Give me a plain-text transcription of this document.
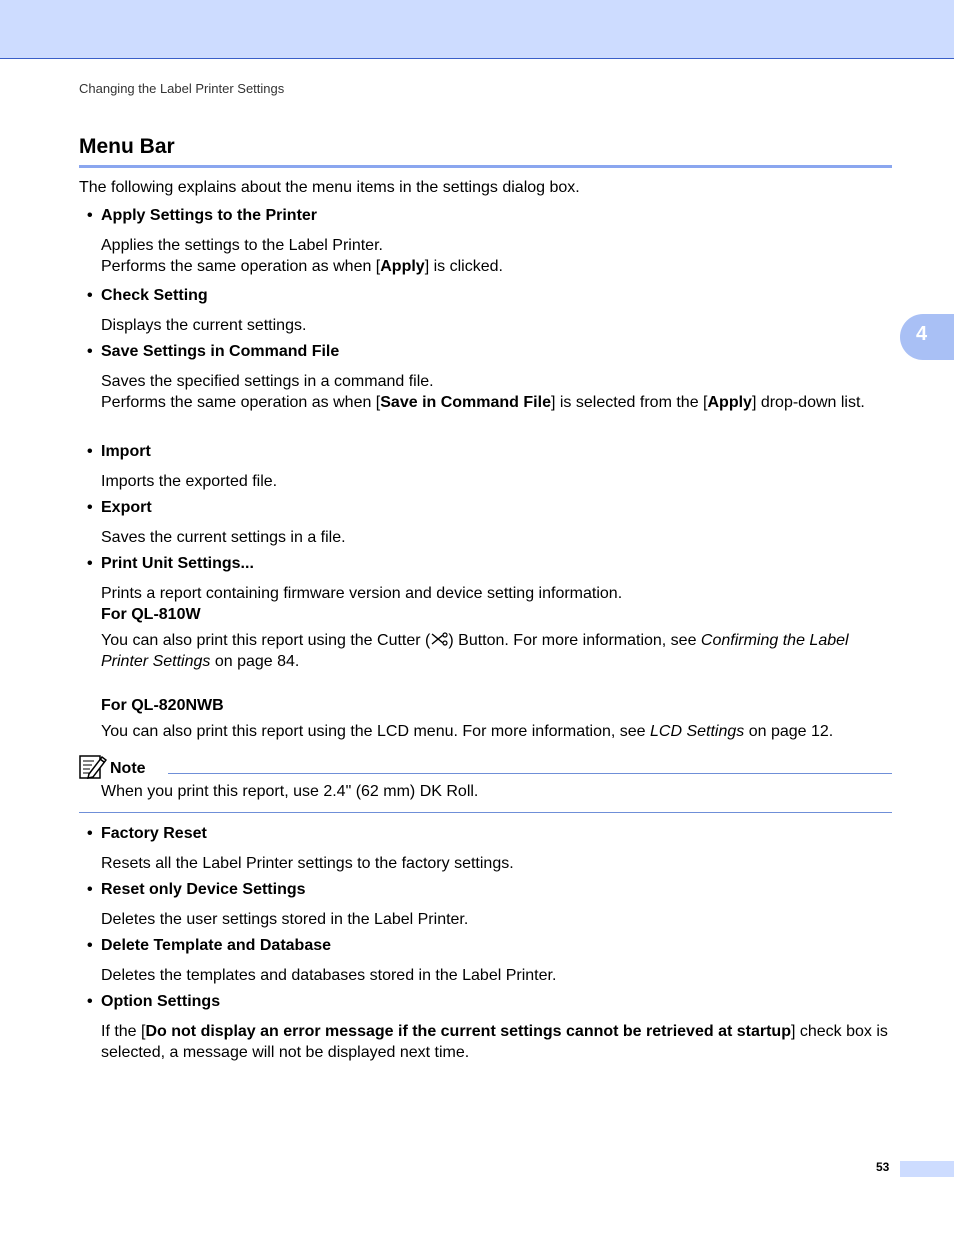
Changing the Label Printer Settings
4
Menu Bar
The following explains about the menu items in the settings dialog box.
• Apply Settings to the Printer
Applies the settings to the Label Printer.
Performs the same operation as when [Apply] is clicked.
• Check Setting
Displays the current settings.
• Save Settings in Command File
Saves the specified settings in a command file.
Performs the same operation as when [Save in Command File] is selected from the [Apply] drop-down list.
• Import
Imports the exported file.
• Export
Saves the current settings in a file.
• Print Unit Settings...
Prints a report containing firmware version and device setting information.
For QL-810W
You can also print this report using the Cutter ( ) Button. For more information, see Confirming the Label Printer Settings on page 84.
For QL-820NWB
You can also print this report using the LCD menu. For more information, see LCD Settings on page 12.
Note
When you print this report, use 2.4" (62 mm) DK Roll.
• Factory Reset
Resets all the Label Printer settings to the factory settings.
• Reset only Device Settings
Deletes the user settings stored in the Label Printer.
• Delete Template and Database
Deletes the templates and databases stored in the Label Printer.
• Option Settings
If the [Do not display an error message if the current settings cannot be retrieved at startup] check box is selected, a message will not be displayed next time.
53
